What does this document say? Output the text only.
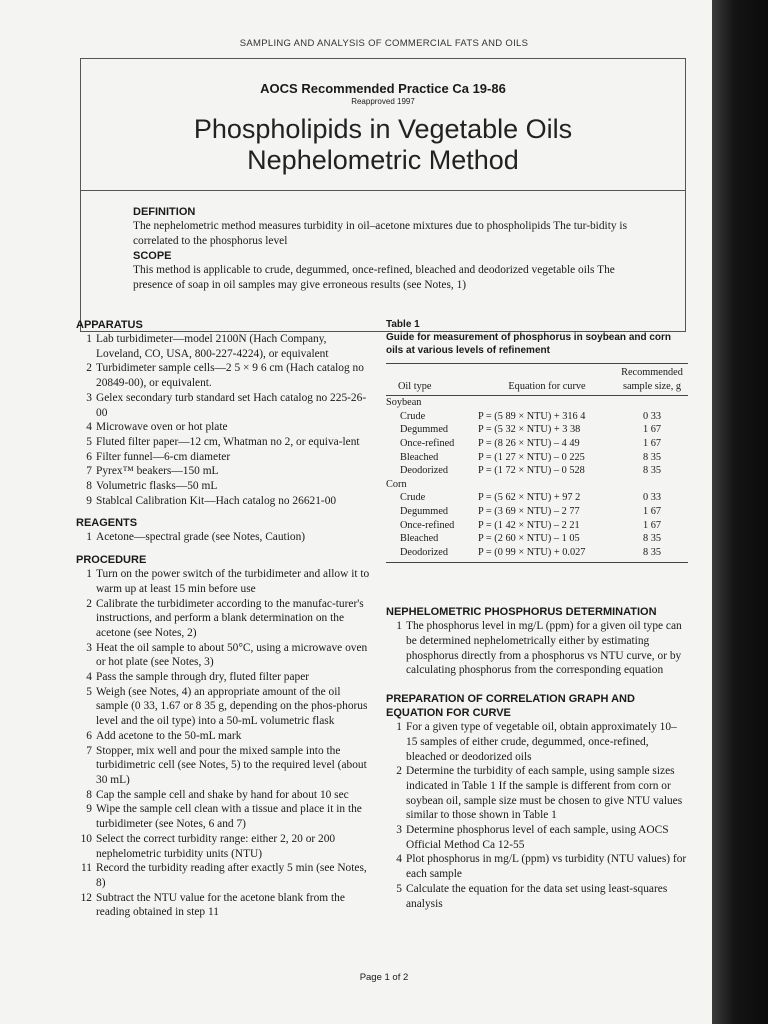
SAMPLING AND ANALYSIS OF COMMERCIAL FATS AND OILS
AOCS Recommended Practice Ca 19-86
Reapproved 1997
Phospholipids in Vegetable Oils
Nephelometric Method
DEFINITION

The nephelometric method measures turbidity in oil–acetone mixtures due to phospholipids The tur-bidity is correlated to the phosphorus level

SCOPE

This method is applicable to crude, degummed, once-refined, bleached and deodorized vegetable oils The presence of soap in oil samples may give erroneous results (see Notes, 1)

APPARATUS
1 Lab turbidimeter—model 2100N (Hach Company, Loveland, CO, USA, 800-227-4224), or equivalent
2 Turbidimeter sample cells—2 5 × 9 6 cm (Hach catalog no 20849-00), or equivalent.
3 Gelex secondary turb standard set Hach catalog no 225-26-00
4 Microwave oven or hot plate
5 Fluted filter paper—12 cm, Whatman no 2, or equiva-lent
6 Filter funnel—6-cm diameter
7 Pyrex™ beakers—150 mL
8 Volumetric flasks—50 mL
9 Stablcal Calibration Kit—Hach catalog no 26621-00
REAGENTS
1 Acetone—spectral grade (see Notes, Caution)
PROCEDURE
1 Turn on the power switch of the turbidimeter and allow it to warm up at least 15 min before use
2 Calibrate the turbidimeter according to the manufac-turer's instructions, and perform a blank determination on the acetone (see Notes, 2)
3 Heat the oil sample to about 50°C, using a microwave oven or hot plate (see Notes, 3)
4 Pass the sample through dry, fluted filter paper
5 Weigh (see Notes, 4) an appropriate amount of the oil sample (0 33, 1.67 or 8 35 g, depending on the phos-phorus level and the oil type) into a 50-mL volumetric flask
6 Add acetone to the 50-mL mark
7 Stopper, mix well and pour the mixed sample into the turbidimetric cell (see Notes, 5) to the required level (about 30 mL)
8 Cap the sample cell and shake by hand for about 10 sec
9 Wipe the sample cell clean with a tissue and place it in the turbidimeter (see Notes, 6 and 7)
10 Select the correct turbidity range: either 2, 20 or 200 nephelometric turbidity units (NTU)
11 Record the turbidity reading after exactly 5 min (see Notes, 8)
12 Subtract the NTU value for the acetone blank from the reading obtained in step 11
Table 1
Guide for measurement of phosphorus in soybean and corn oils at various levels of refinement
		Recommended
Oil type	Equation for curve	sample size, g
Soybean		
Crude	P = (5 89 × NTU) + 316 4	0 33
Degummed	P = (5 32 × NTU) + 3 38	1 67
Once-refined	P = (8 26 × NTU) – 4 49	1 67
Bleached	P = (1 27 × NTU) – 0 225	8 35
Deodorized	P = (1 72 × NTU) – 0 528	8 35
Corn		
Crude	P = (5 62 × NTU) + 97 2	0 33
Degummed	P = (3 69 × NTU) – 2 77	1 67
Once-refined	P = (1 42 × NTU) – 2 21	1 67
Bleached	P = (2 60 × NTU) – 1 05	8 35
Deodorized	P = (0 99 × NTU) + 0.027	8 35
NEPHELOMETRIC PHOSPHORUS DETERMINATION
1 The phosphorus level in mg/L (ppm) for a given oil type can be determined nephelometrically either by estimating phosphorus directly from a phosphorus vs NTU curve, or by calculating phosphorus from the corresponding equation
PREPARATION OF CORRELATION GRAPH AND
EQUATION FOR CURVE
1 For a given type of vegetable oil, obtain approximately 10–15 samples of either crude, degummed, once-refined, bleached or deodorized oils
2 Determine the turbidity of each sample, using sample sizes indicated in Table 1 If the sample is different from corn or soybean oil, sample size must be chosen to give NTU values similar to those shown in Table 1
3 Determine phosphorus level of each sample, using AOCS Official Method Ca 12-55
4 Plot phosphorus in mg/L (ppm) vs turbidity (NTU values) for each sample
5 Calculate the equation for the data set using least-squares analysis
Page 1 of 2
